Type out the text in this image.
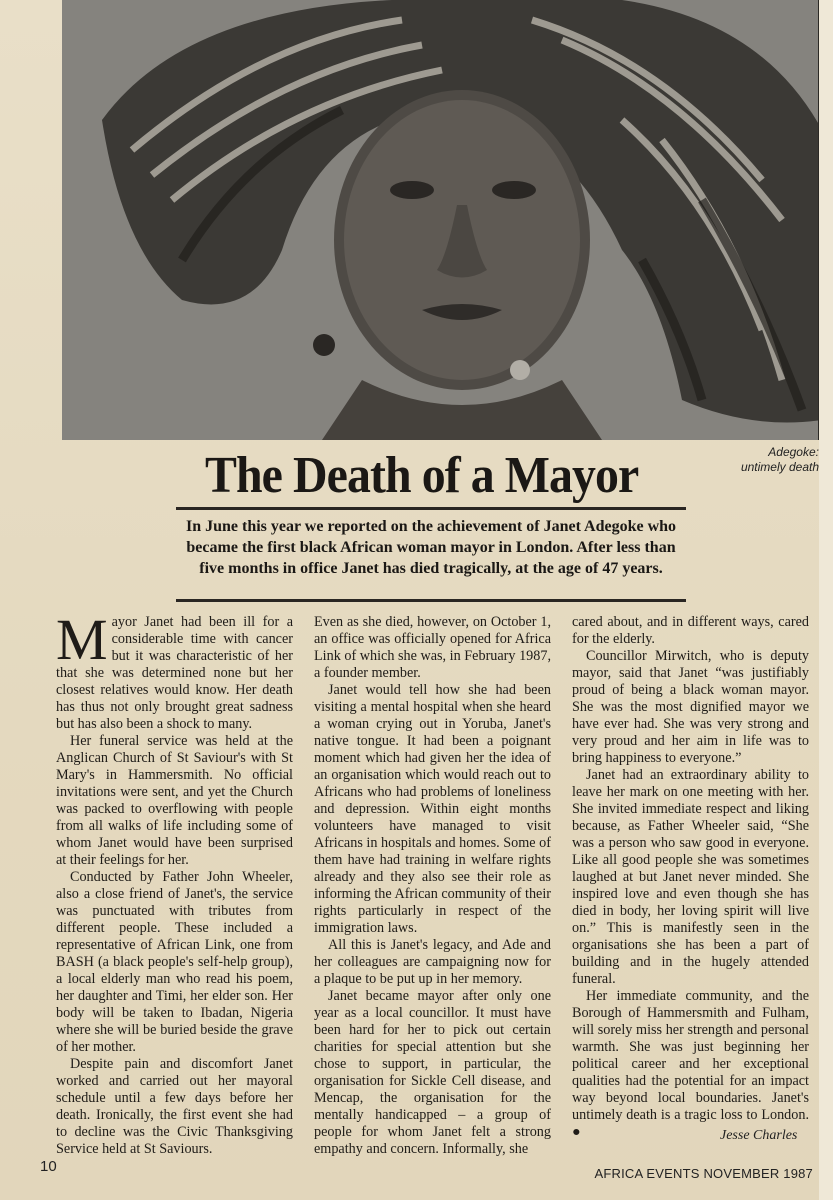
Adegoke:
untimely death
The Death of a Mayor
In June this year we reported on the achievement of Janet Adegoke who became the first black African woman mayor in London. After less than five months in office Janet has died tragically, at the age of 47 years.

Mayor Janet had been ill for a considerable time with cancer but it was characteristic of her that she was determined none but her closest relatives would know. Her death has thus not only brought great sadness but has also been a shock to many.

Her funeral service was held at the Anglican Church of St Saviour's with St Mary's in Hammersmith. No official invitations were sent, and yet the Church was packed to overflowing with people from all walks of life including some of whom Janet would have been surprised at their feelings for her.

Conducted by Father John Wheeler, also a close friend of Janet's, the service was punctuated with tributes from different people. These included a representative of African Link, one from BASH (a black people's self-help group), a local elderly man who read his poem, her daughter and Timi, her elder son. Her body will be taken to Ibadan, Nigeria where she will be buried beside the grave of her mother.

Despite pain and discomfort Janet worked and carried out her mayoral schedule until a few days before her death. Ironically, the first event she had to decline was the Civic Thanksgiving Service held at St Saviours.

Even as she died, however, on October 1, an office was officially opened for Africa Link of which she was, in February 1987, a founder member.

Janet would tell how she had been visiting a mental hospital when she heard a woman crying out in Yoruba, Janet's native tongue. It had been a poignant moment which had given her the idea of an organisation which would reach out to Africans who had problems of loneliness and depression. Within eight months volunteers have managed to visit Africans in hospitals and homes. Some of them have had training in welfare rights already and they also see their role as informing the African community of their rights particularly in respect of the immigration laws.

All this is Janet's legacy, and Ade and her colleagues are campaigning now for a plaque to be put up in her memory.

Janet became mayor after only one year as a local councillor. It must have been hard for her to pick out certain charities for special attention but she chose to support, in particular, the organisation for Sickle Cell disease, and Mencap, the organisation for the mentally handicapped – a group of people for whom Janet felt a strong empathy and concern. Informally, she

cared about, and in different ways, cared for the elderly.

Councillor Mirwitch, who is deputy mayor, said that Janet “was justifiably proud of being a black woman mayor. She was the most dignified mayor we have ever had. She was very strong and very proud and her aim in life was to bring happiness to everyone.”

Janet had an extraordinary ability to leave her mark on one meeting with her. She invited immediate respect and liking because, as Father Wheeler said, “She was a person who saw good in everyone. Like all good people she was sometimes laughed at but Janet never minded. She inspired love and even though she has died in body, her loving spirit will live on.” This is manifestly seen in the organisations she has been a part of building and in the hugely attended funeral.

Her immediate community, and the Borough of Hammersmith and Fulham, will sorely miss her strength and personal warmth. She was just beginning her political career and her exceptional qualities had the potential for an impact way beyond local boundaries. Janet's untimely death is a tragic loss to London. ●	Jesse Charles
10	AFRICA EVENTS NOVEMBER 1987
